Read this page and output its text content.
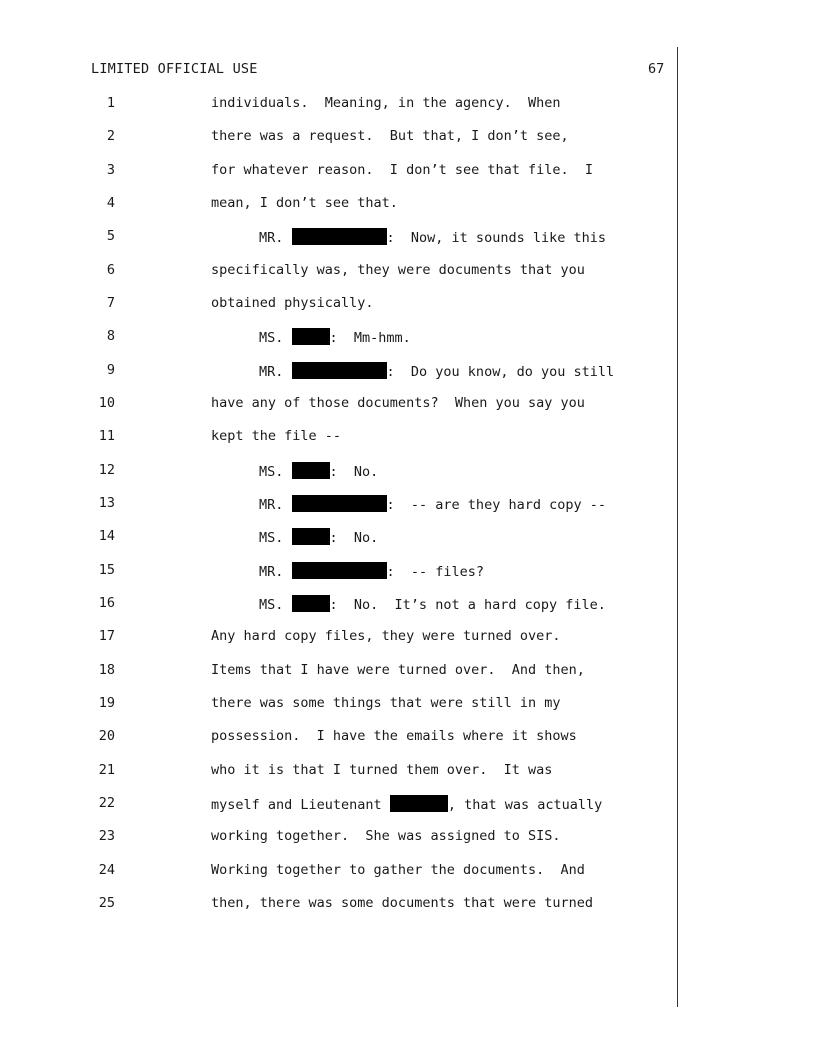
LIMITED OFFICIAL USE	67
1	individuals.  Meaning, in the agency.  When
2	there was a request.  But that, I don’t see,
3	for whatever reason.  I don’t see that file.  I
4	mean, I don’t see that.
5	MR.	:  Now, it sounds like this
6	specifically was, they were documents that you
7	obtained physically.
8	MS.	:  Mm-hmm.
9	MR.	:  Do you know, do you still
10	have any of those documents?  When you say you
11	kept the file --
12	MS.	:  No.
13	MR.	:  -- are they hard copy --
14	MS.	:  No.
15	MR.	:  -- files?
16	MS.	:  No.  It’s not a hard copy file.
17	Any hard copy files, they were turned over.
18	Items that I have were turned over.  And then,
19	there was some things that were still in my
20	possession.  I have the emails where it shows
21	who it is that I turned them over.  It was
22	myself and Lieutenant	, that was actually
23	working together.  She was assigned to SIS.
24	Working together to gather the documents.  And
25	then, there was some documents that were turned
